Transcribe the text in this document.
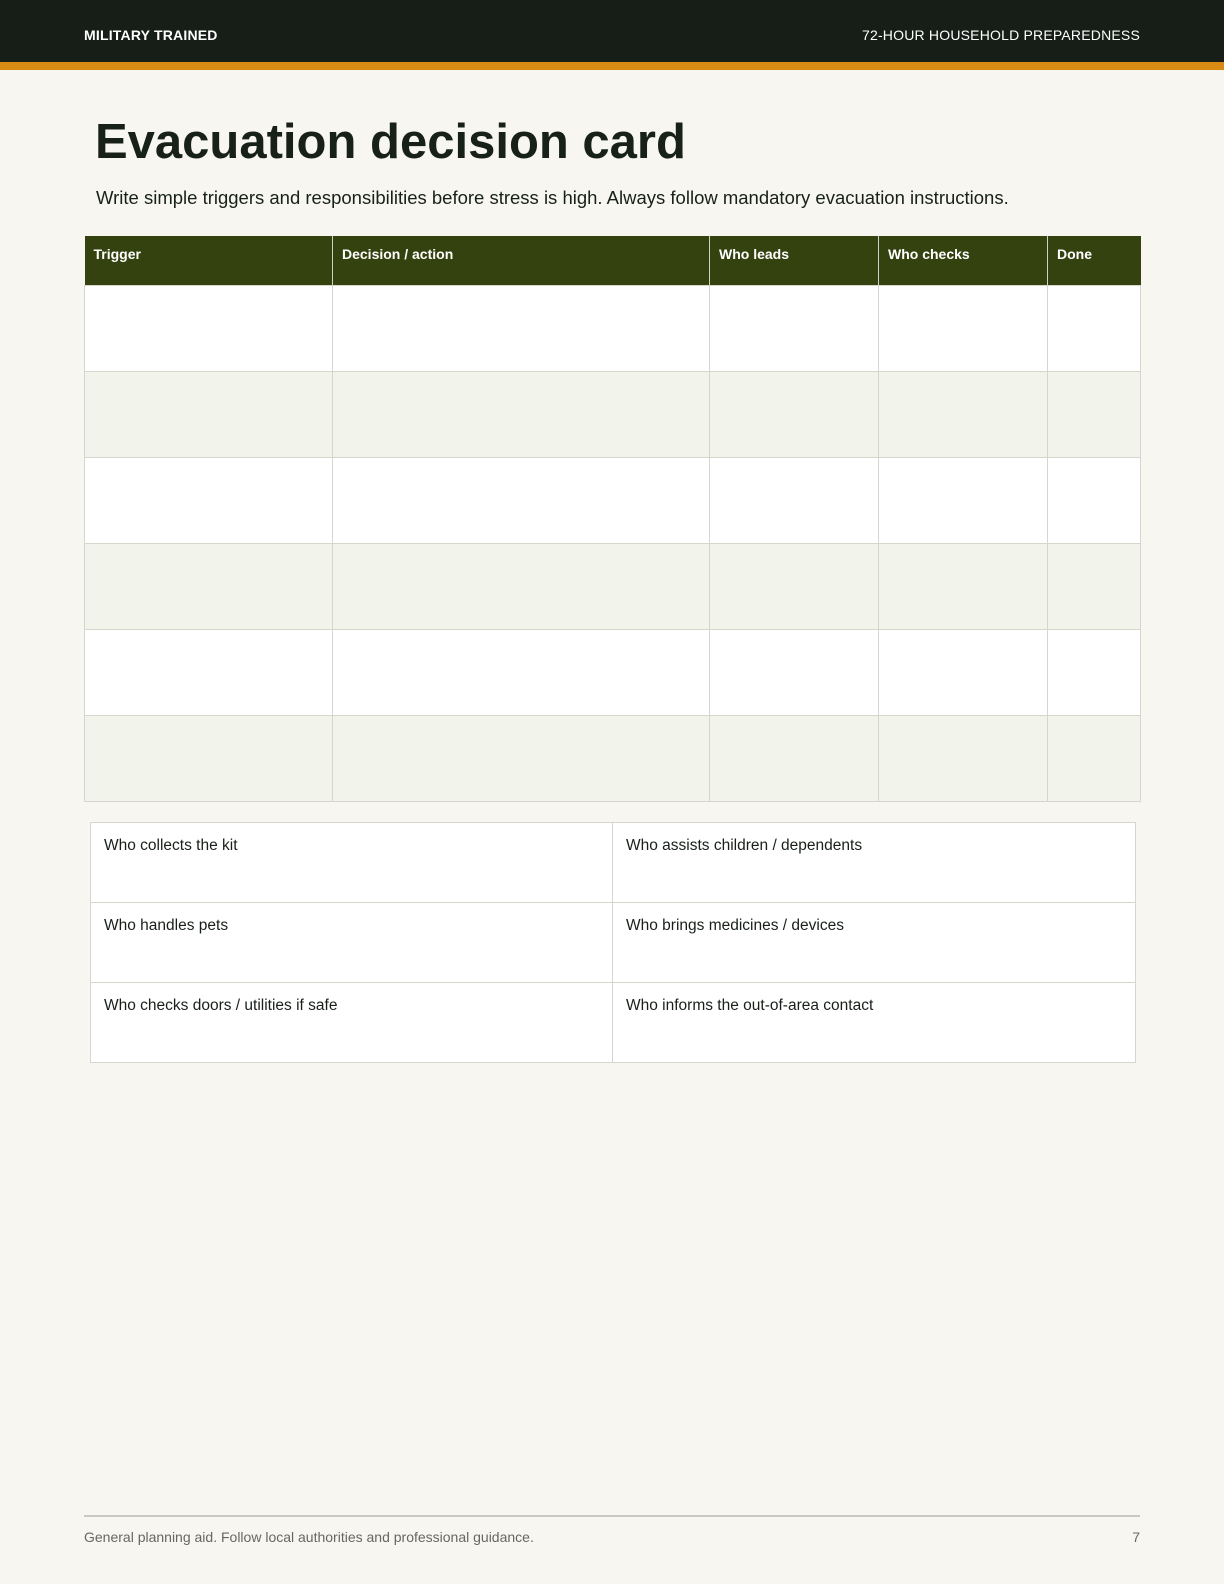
MILITARY TRAINED	72-HOUR HOUSEHOLD PREPAREDNESS
Evacuation decision card

Write simple triggers and responsibilities before stress is high. Always follow mandatory evacuation instructions.

Trigger	Decision / action	Who leads	Who checks	Done

Who collects the kit	Who assists children / dependents
Who handles pets	Who brings medicines / devices
Who checks doors / utilities if safe	Who informs the out-of-area contact
General planning aid. Follow local authorities and professional guidance.	7
